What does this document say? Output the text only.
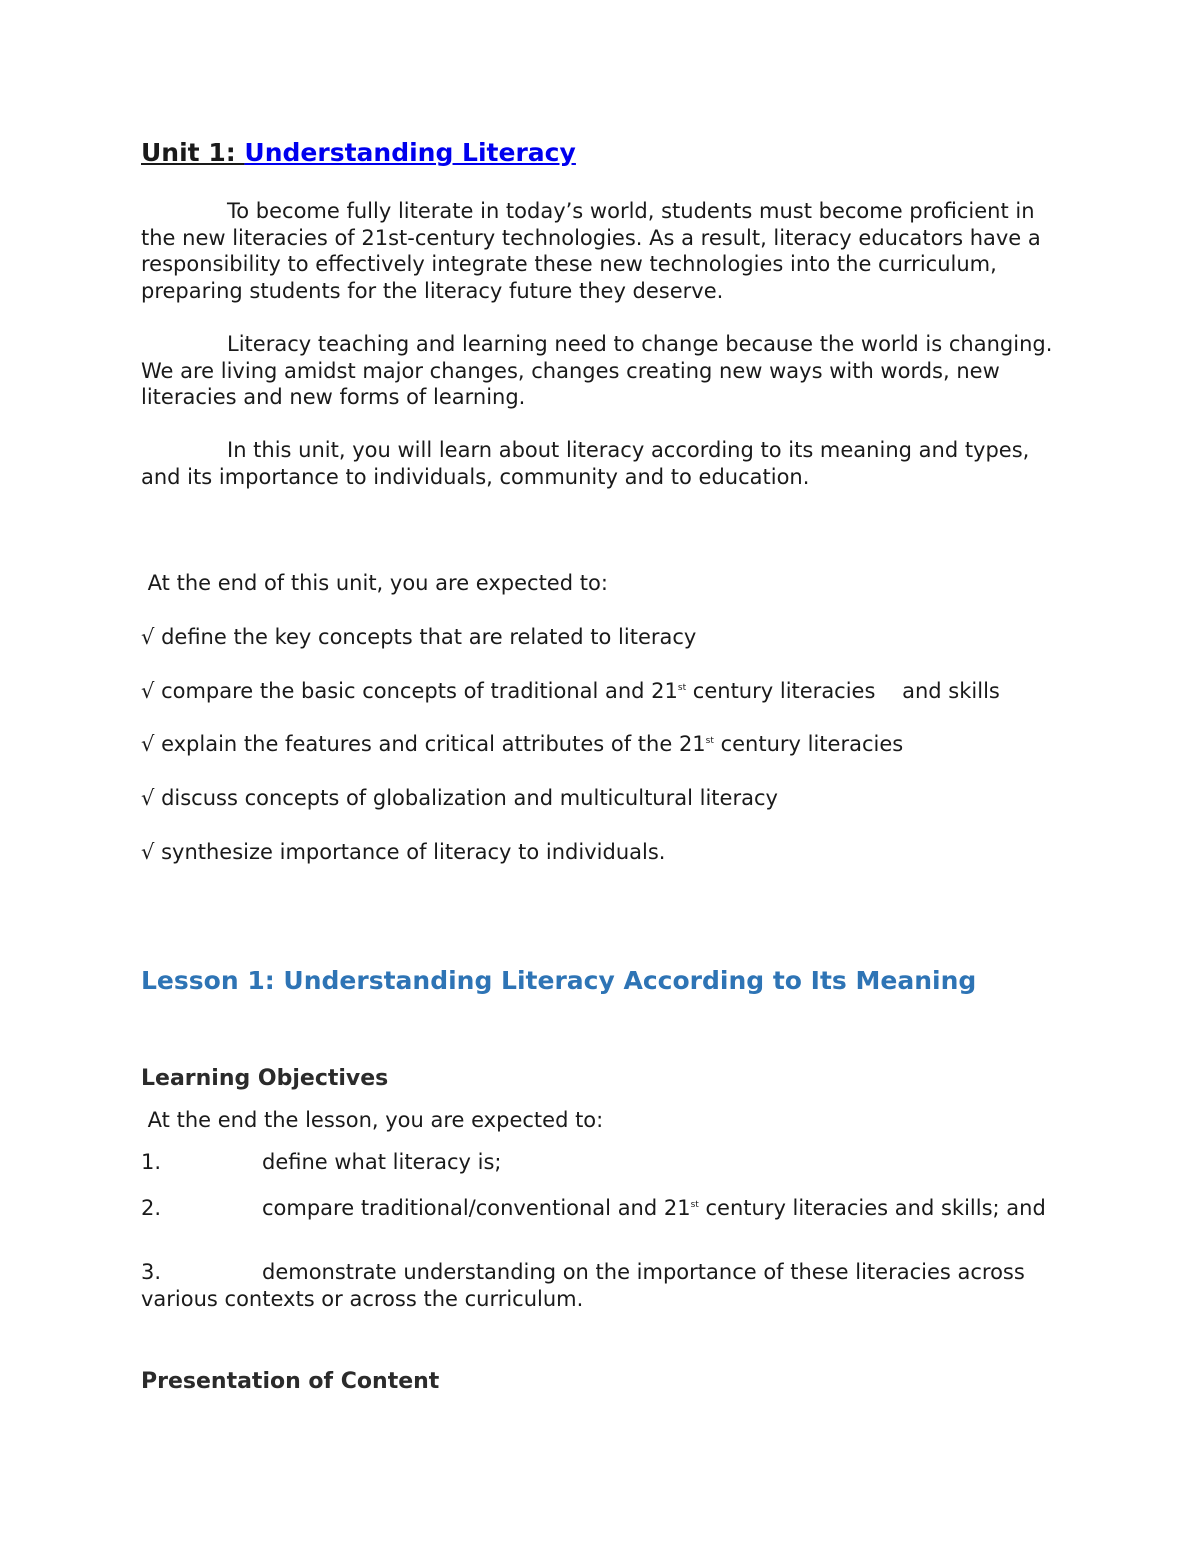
Unit 1: Understanding Literacy

To become fully literate in today’s world, students must become proficient in the new literacies of 21st-century technologies. As a result, literacy educators have a responsibility to effectively integrate these new technologies into the curriculum, preparing students for the literacy future they deserve.

Literacy teaching and learning need to change because the world is changing. We are living amidst major changes, changes creating new ways with words, new literacies and new forms of learning.

In this unit, you will learn about literacy according to its meaning and types, and its importance to individuals, community and to education.

At the end of this unit, you are expected to:

√ define the key concepts that are related to literacy

√ compare the basic concepts of traditional and 21st century literacies    and skills

√ explain the features and critical attributes of the 21st century literacies

√ discuss concepts of globalization and multicultural literacy

√ synthesize importance of literacy to individuals.

Lesson 1: Understanding Literacy According to Its Meaning
Learning Objectives

At the end the lesson, you are expected to:

1.	define what literacy is;

2.	compare traditional/conventional and 21st century literacies and skills; and

3.	demonstrate understanding on the importance of these literacies across various contexts or across the curriculum.

Presentation of Content
